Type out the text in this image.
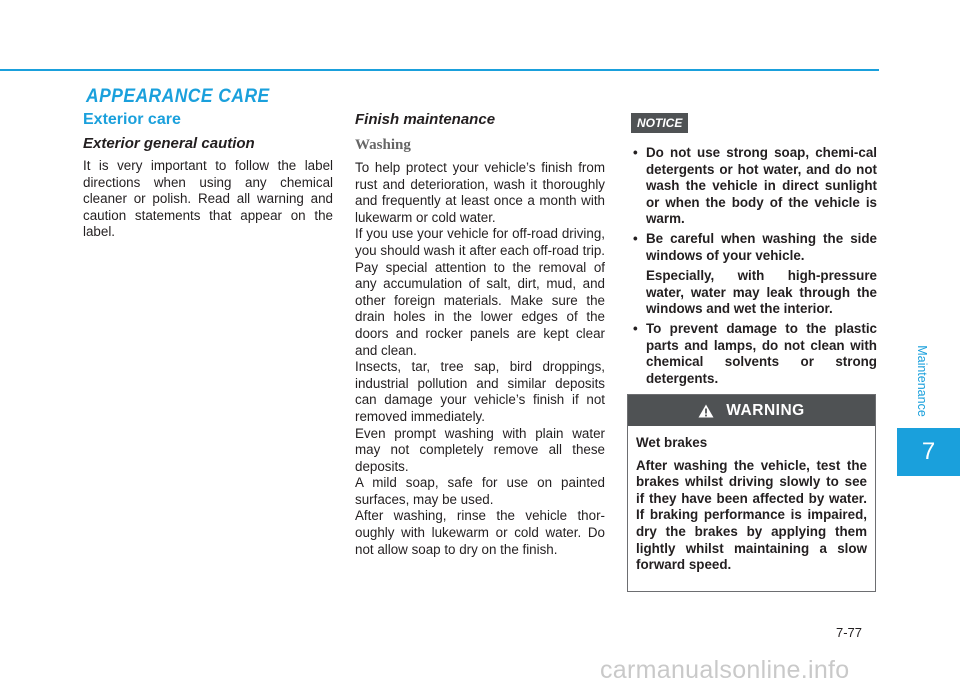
APPEARANCE CARE
Exterior care
Exterior general caution

It is very important to follow the label directions when using any chemical cleaner or polish. Read all warning and caution statements that appear on the label.

Finish maintenance
Washing

To help protect your vehicle’s finish from rust and deterioration, wash it thoroughly and frequently at least once a month with lukewarm or cold water.

If you use your vehicle for off-road driving, you should wash it after each off-road trip. Pay special attention to the removal of any accumulation of salt, dirt, mud, and other foreign materials. Make sure the drain holes in the lower edges of the doors and rocker panels are kept clear and clean.

Insects, tar, tree sap, bird droppings, industrial pollution and similar deposits can damage your vehicle’s finish if not removed immediately.

Even prompt washing with plain water may not completely remove all these deposits.

A mild soap, safe for use on painted surfaces, may be used.

After washing, rinse the vehicle thor-oughly with lukewarm or cold water. Do not allow soap to dry on the finish.

NOTICE
• Do not use strong soap, chemi-cal detergents or hot water, and do not wash the vehicle in direct sunlight or when the body of the vehicle is warm.

• Be careful when washing the side windows of your vehicle.

Especially, with high-pressure water, water may leak through the windows and wet the interior.

• To prevent damage to the plastic parts and lamps, do not clean with chemical solvents or strong detergents.

WARNING

Wet brakes

After washing the vehicle, test the brakes whilst driving slowly to see if they have been affected by water. If braking performance is impaired, dry the brakes by applying them lightly whilst maintaining a slow forward speed.

Maintenance
7
7-77
carmanualsonline.info
